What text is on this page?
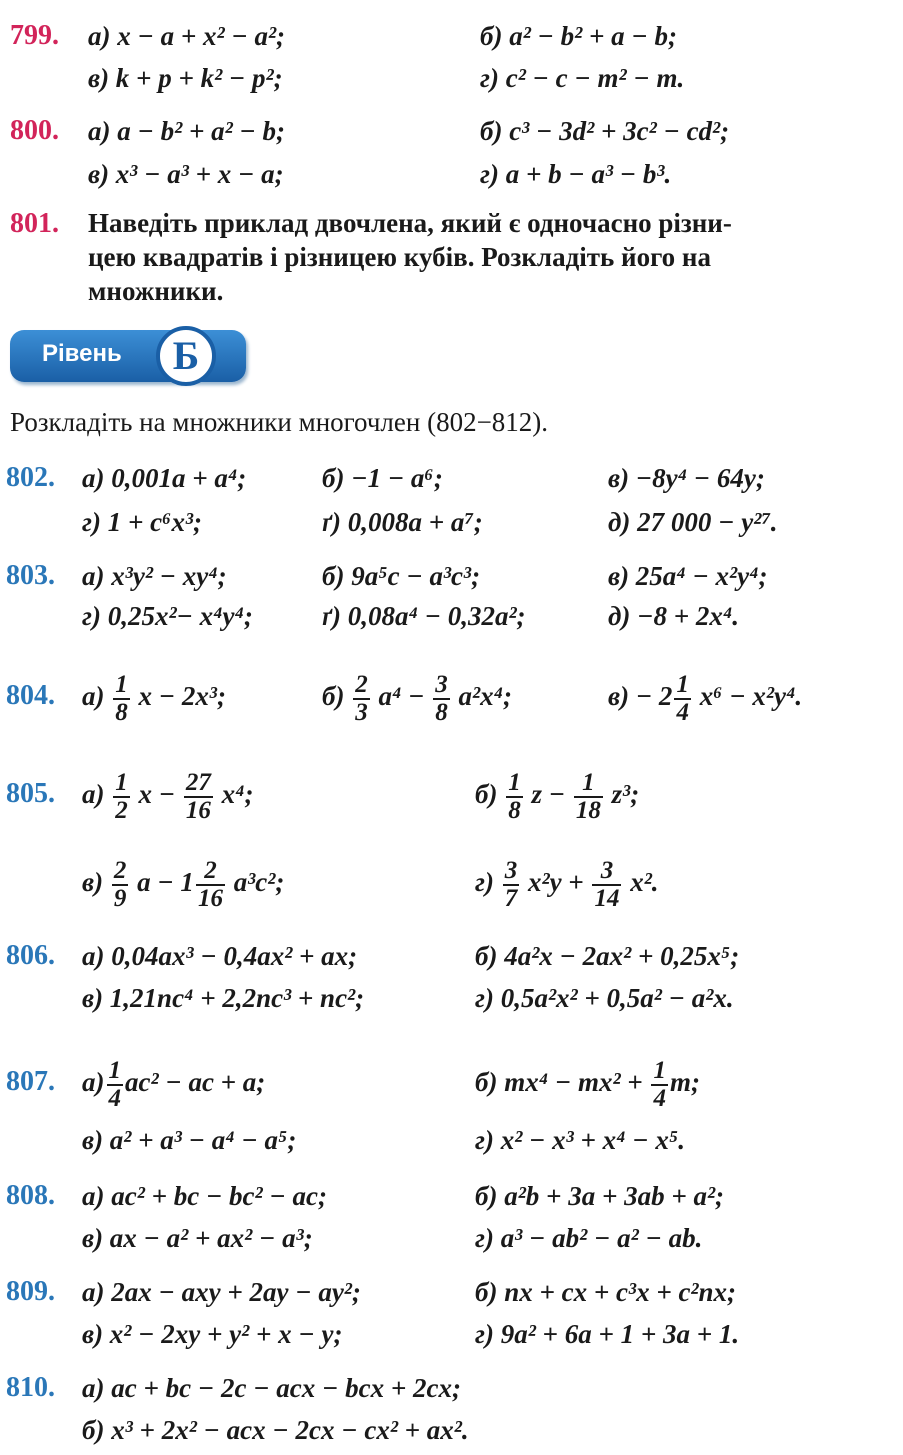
799. а) x − a + x² − a²;	б) a² − b² + a − b;
в) k + p + k² − p²;	г) c² − c − m² − m.
800. а) a − b² + a² − b;	б) c³ − 3d² + 3c² − cd²;
в) x³ − a³ + x − a;	г) a + b − a³ − b³.
801. Наведіть приклад двочлена, який є одночасно різни-
цею квадратів і різницею кубів. Розкладіть його на
множники.
Рівень	Б
Розкладіть на множники многочлен (802−812).
802. а) 0,001a + a⁴;	б) −1 − a⁶;	в) −8y⁴ − 64y;
г) 1 + c⁶x³;	ґ) 0,008a + a⁷;	д) 27 000 − y²⁷.
803. а) x³y² − xy⁴;	б) 9a⁵c − a³c³;	в) 25a⁴ − x²y⁴;
г) 0,25x²− x⁴y⁴;	ґ) 0,08a⁴ − 0,32a²;	д) −8 + 2x⁴.
804. $а) \frac{1}{8}$ x − 2x³;	$б) \frac{2}{3} a^4 - \frac{3}{8} a^2x^4$;	$в) - 2 \frac{1}{4} x^6 - x^2y^4$.
805. $а) \frac{1}{2}$ $x - \frac{27}{16} x^4$;	$б) \frac{1}{8}$ $z - \frac{1}{18} z^3$;
$в) \frac{2}{9}$ $a - 1 \frac{2}{16} a^3c^2$;	$г) \frac{3}{7} x^2y + \frac{3}{14} x^2$.
806. а) 0,04ax³ − 0,4ax² + ax;	б) 4a²x − 2ax² + 0,25x⁵;
в) 1,21nc⁴ + 2,2nc³ + nc²;	г) 0,5a²x² + 0,5a² − a²x.
807. $а) \frac{1}{4} ac^2$ − ac + a;	б) $mx^4 - mx^2 + \frac{1}{4} m$;
в) a² + a³ − a⁴ − a⁵;	г) x² − x³ + x⁴ − x⁵.
808. а) ac² + bc − bc² − ac;	б) a²b + 3a + 3ab + a²;
в) ax − a² + ax² − a³;	г) a³ − ab² − a² − ab.
809. а) 2ax − axy + 2ay − ay²;	б) nx + cx + c³x + c²nx;
в) x² − 2xy + y² + x − y;	г) 9a² + 6a + 1 + 3a + 1.
810. а) ac + bc − 2c − acx − bcx + 2cx;
б) x³ + 2x² − acx − 2cx − cx² + ax².
